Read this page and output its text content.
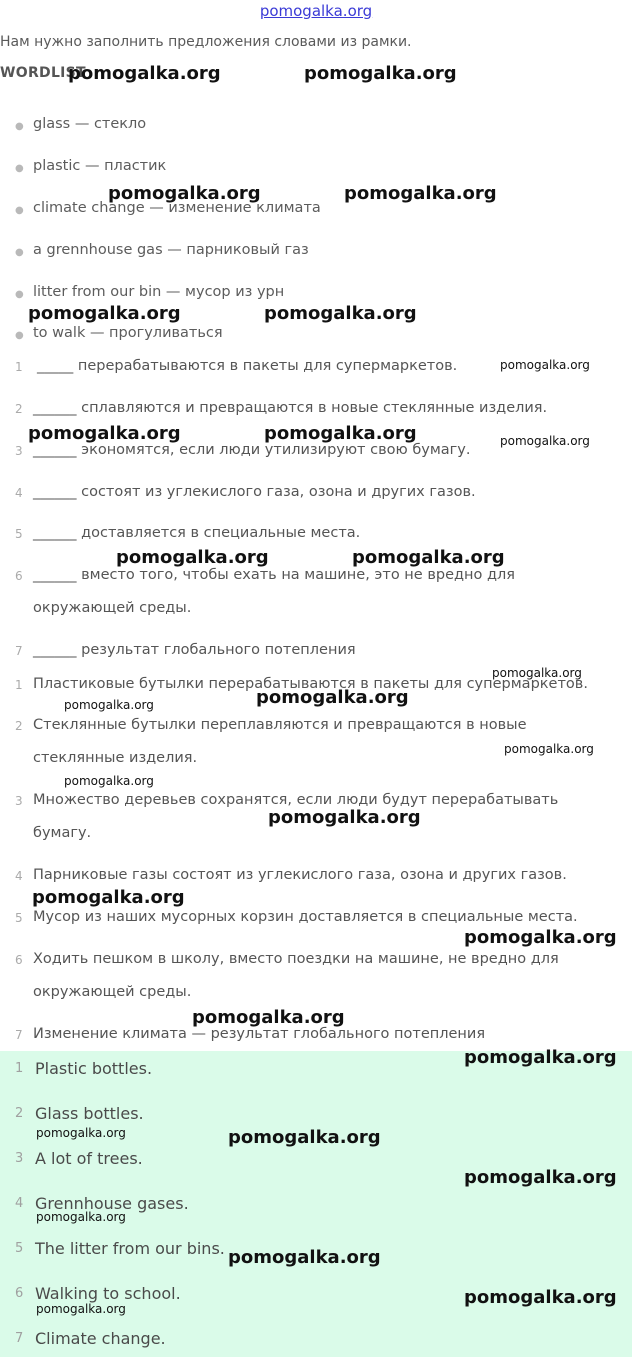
pomogalka.org
Нам нужно заполнить предложения словами из рамки.
WORDLIST
● glass — стекло
● plastic — пластик
● climate change — изменение климата
● a grennhouse gas — парниковый газ
● litter from our bin — мусор из урн
● to walk — прогуливаться
1 _____ перерабатываются в пакеты для супермаркетов.
2 ______ сплавляются и превращаются в новые стеклянные изделия.
3 ______ экономятся, если люди утилизируют свою бумагу.
4 ______ состоят из углекислого газа, озона и других газов.
5 ______ доставляется в специальные места.
6 ______ вместо того, чтобы ехать на машине, это не вредно для
окружающей среды.
7 ______ результат глобального потепления
1 Пластиковые бутылки перерабатываются в пакеты для супермаркетов.
2 Стеклянные бутылки переплавляются и превращаются в новые
стеклянные изделия.
3 Множество деревьев сохранятся, если люди будут перерабатывать
бумагу.
4 Парниковые газы состоят из углекислого газа, озона и других газов.
5 Мусор из наших мусорных корзин доставляется в специальные места.
6 Ходить пешком в школу, вместо поездки на машине, не вредно для
окружающей среды.
7 Изменение климата — результат глобального потепления
1 Plastic bottles.
2 Glass bottles.
3 A lot of trees.
4 Grennhouse gases.
5 The litter from our bins.
6 Walking to school.
7 Climate change.
pomogalka.org	pomogalka.org
pomogalka.org	pomogalka.org
pomogalka.org	pomogalka.org
pomogalka.org
pomogalka.org	pomogalka.org	pomogalka.org
pomogalka.org	pomogalka.org
pomogalka.org
pomogalka.org
pomogalka.org
pomogalka.org
pomogalka.org
pomogalka.org
pomogalka.org
pomogalka.org
pomogalka.org
pomogalka.org
pomogalka.org	pomogalka.org
pomogalka.org
pomogalka.org
pomogalka.org
pomogalka.org
pomogalka.org
